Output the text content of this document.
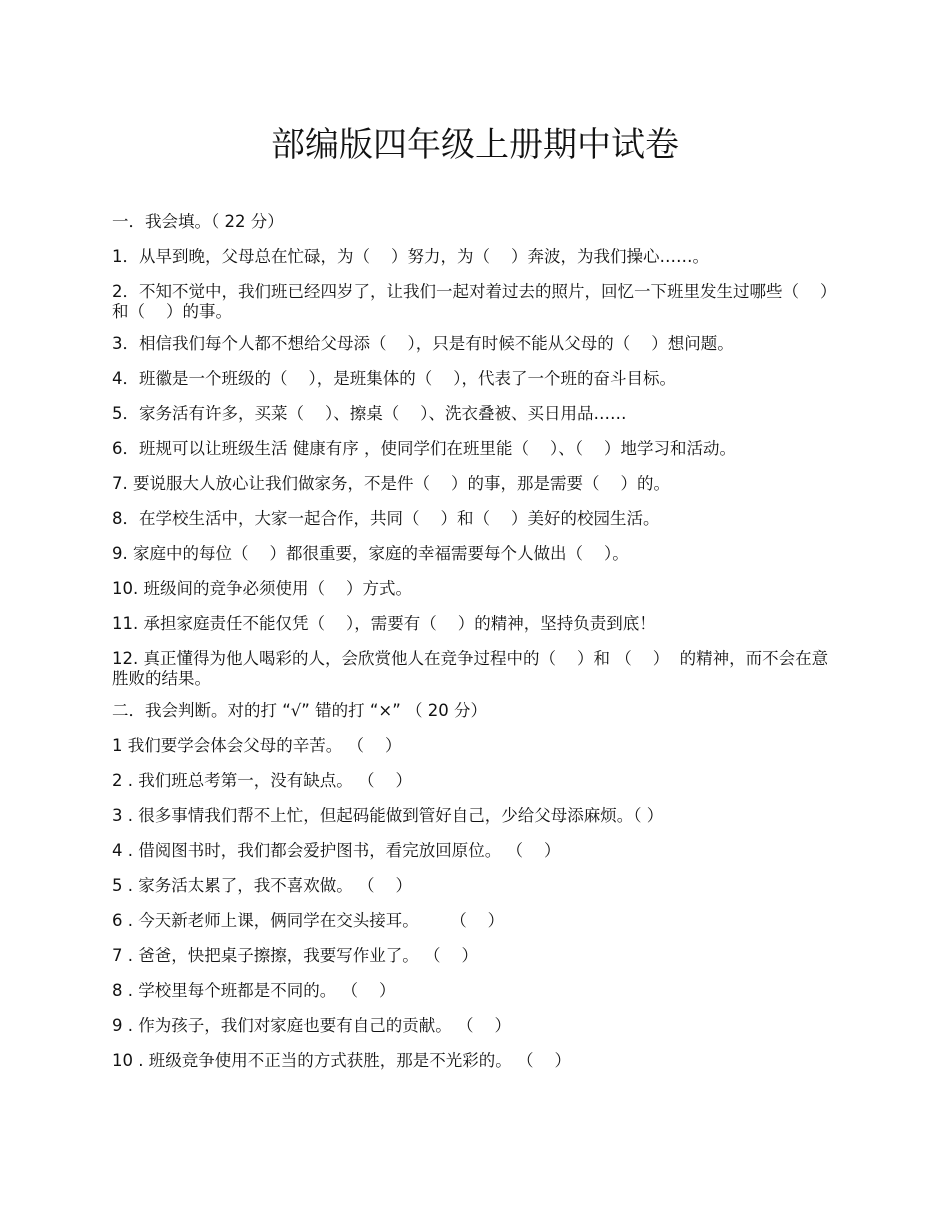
部编版四年级上册期中试卷
一．我会填。（ 22 分）
1．从早到晚，父母总在忙碌，为（    ）努力，为（    ）奔波，为我们操心……。
2．不知不觉中，我们班已经四岁了，让我们一起对着过去的照片，回忆一下班里发生过哪些（    ）和（    ）的事。
3．相信我们每个人都不想给父母添（    ），只是有时候不能从父母的（    ）想问题。
4．班徽是一个班级的（    ），是班集体的（    ），代表了一个班的奋斗目标。
5．家务活有许多，买菜（    ）、擦桌（    ）、洗衣叠被、买日用品……
6．班规可以让班级生活 健康有序 ，使同学们在班里能（    ）、（    ）地学习和活动。
7. 要说服大人放心让我们做家务，不是件（    ）的事，那是需要（    ）的。
8．在学校生活中，大家一起合作，共同（    ）和（    ）美好的校园生活。
9. 家庭中的每位（    ）都很重要，家庭的幸福需要每个人做出（    ）。
10. 班级间的竞争必须使用（    ）方式。
11. 承担家庭责任不能仅凭（    ），需要有（    ）的精神，坚持负责到底！
12. 真正懂得为他人喝彩的人，会欣赏他人在竞争过程中的（    ）和 （    ）  的精神，而不会在意胜败的结果。
二．我会判断。对的打 “√” 错的打 “×” （ 20 分）
1 我们要学会体会父母的辛苦。 （    ）
2 . 我们班总考第一，没有缺点。 （    ）
3 . 很多事情我们帮不上忙，但起码能做到管好自己，少给父母添麻烦。（ ）
4 . 借阅图书时，我们都会爱护图书，看完放回原位。 （    ）
5 . 家务活太累了，我不喜欢做。 （    ）
6 . 今天新老师上课，俩同学在交头接耳。      （    ）
7 . 爸爸，快把桌子擦擦，我要写作业了。 （    ）
8 . 学校里每个班都是不同的。 （    ）
9 . 作为孩子，我们对家庭也要有自己的贡献。 （    ）
10 . 班级竞争使用不正当的方式获胜，那是不光彩的。 （    ）
